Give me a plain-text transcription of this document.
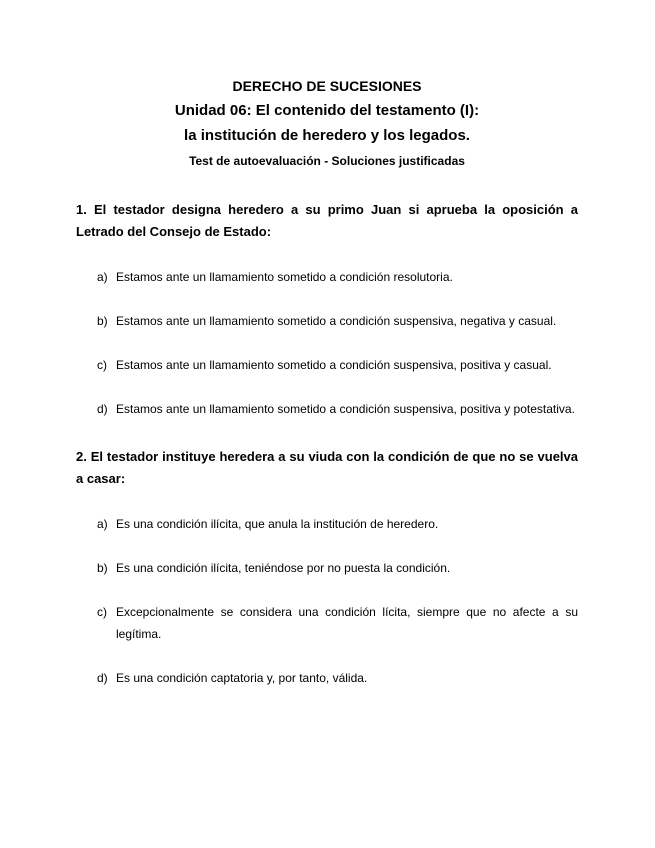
DERECHO DE SUCESIONES
Unidad 06: El contenido del testamento (I):
la institución de heredero y los legados.
Test de autoevaluación - Soluciones justificadas
1. El testador designa heredero a su primo Juan si aprueba la oposición a Letrado del Consejo de Estado:
a) Estamos ante un llamamiento sometido a condición resolutoria.
b) Estamos ante un llamamiento sometido a condición suspensiva, negativa y casual.
c) Estamos ante un llamamiento sometido a condición suspensiva, positiva y casual.
d) Estamos ante un llamamiento sometido a condición suspensiva, positiva y potestativa.
2. El testador instituye heredera a su viuda con la condición de que no se vuelva a casar:
a) Es una condición ilícita, que anula la institución de heredero.
b) Es una condición ilícita, teniéndose por no puesta la condición.
c) Excepcionalmente se considera una condición lícita, siempre que no afecte a su legítima.
d) Es una condición captatoria y, por tanto, válida.
